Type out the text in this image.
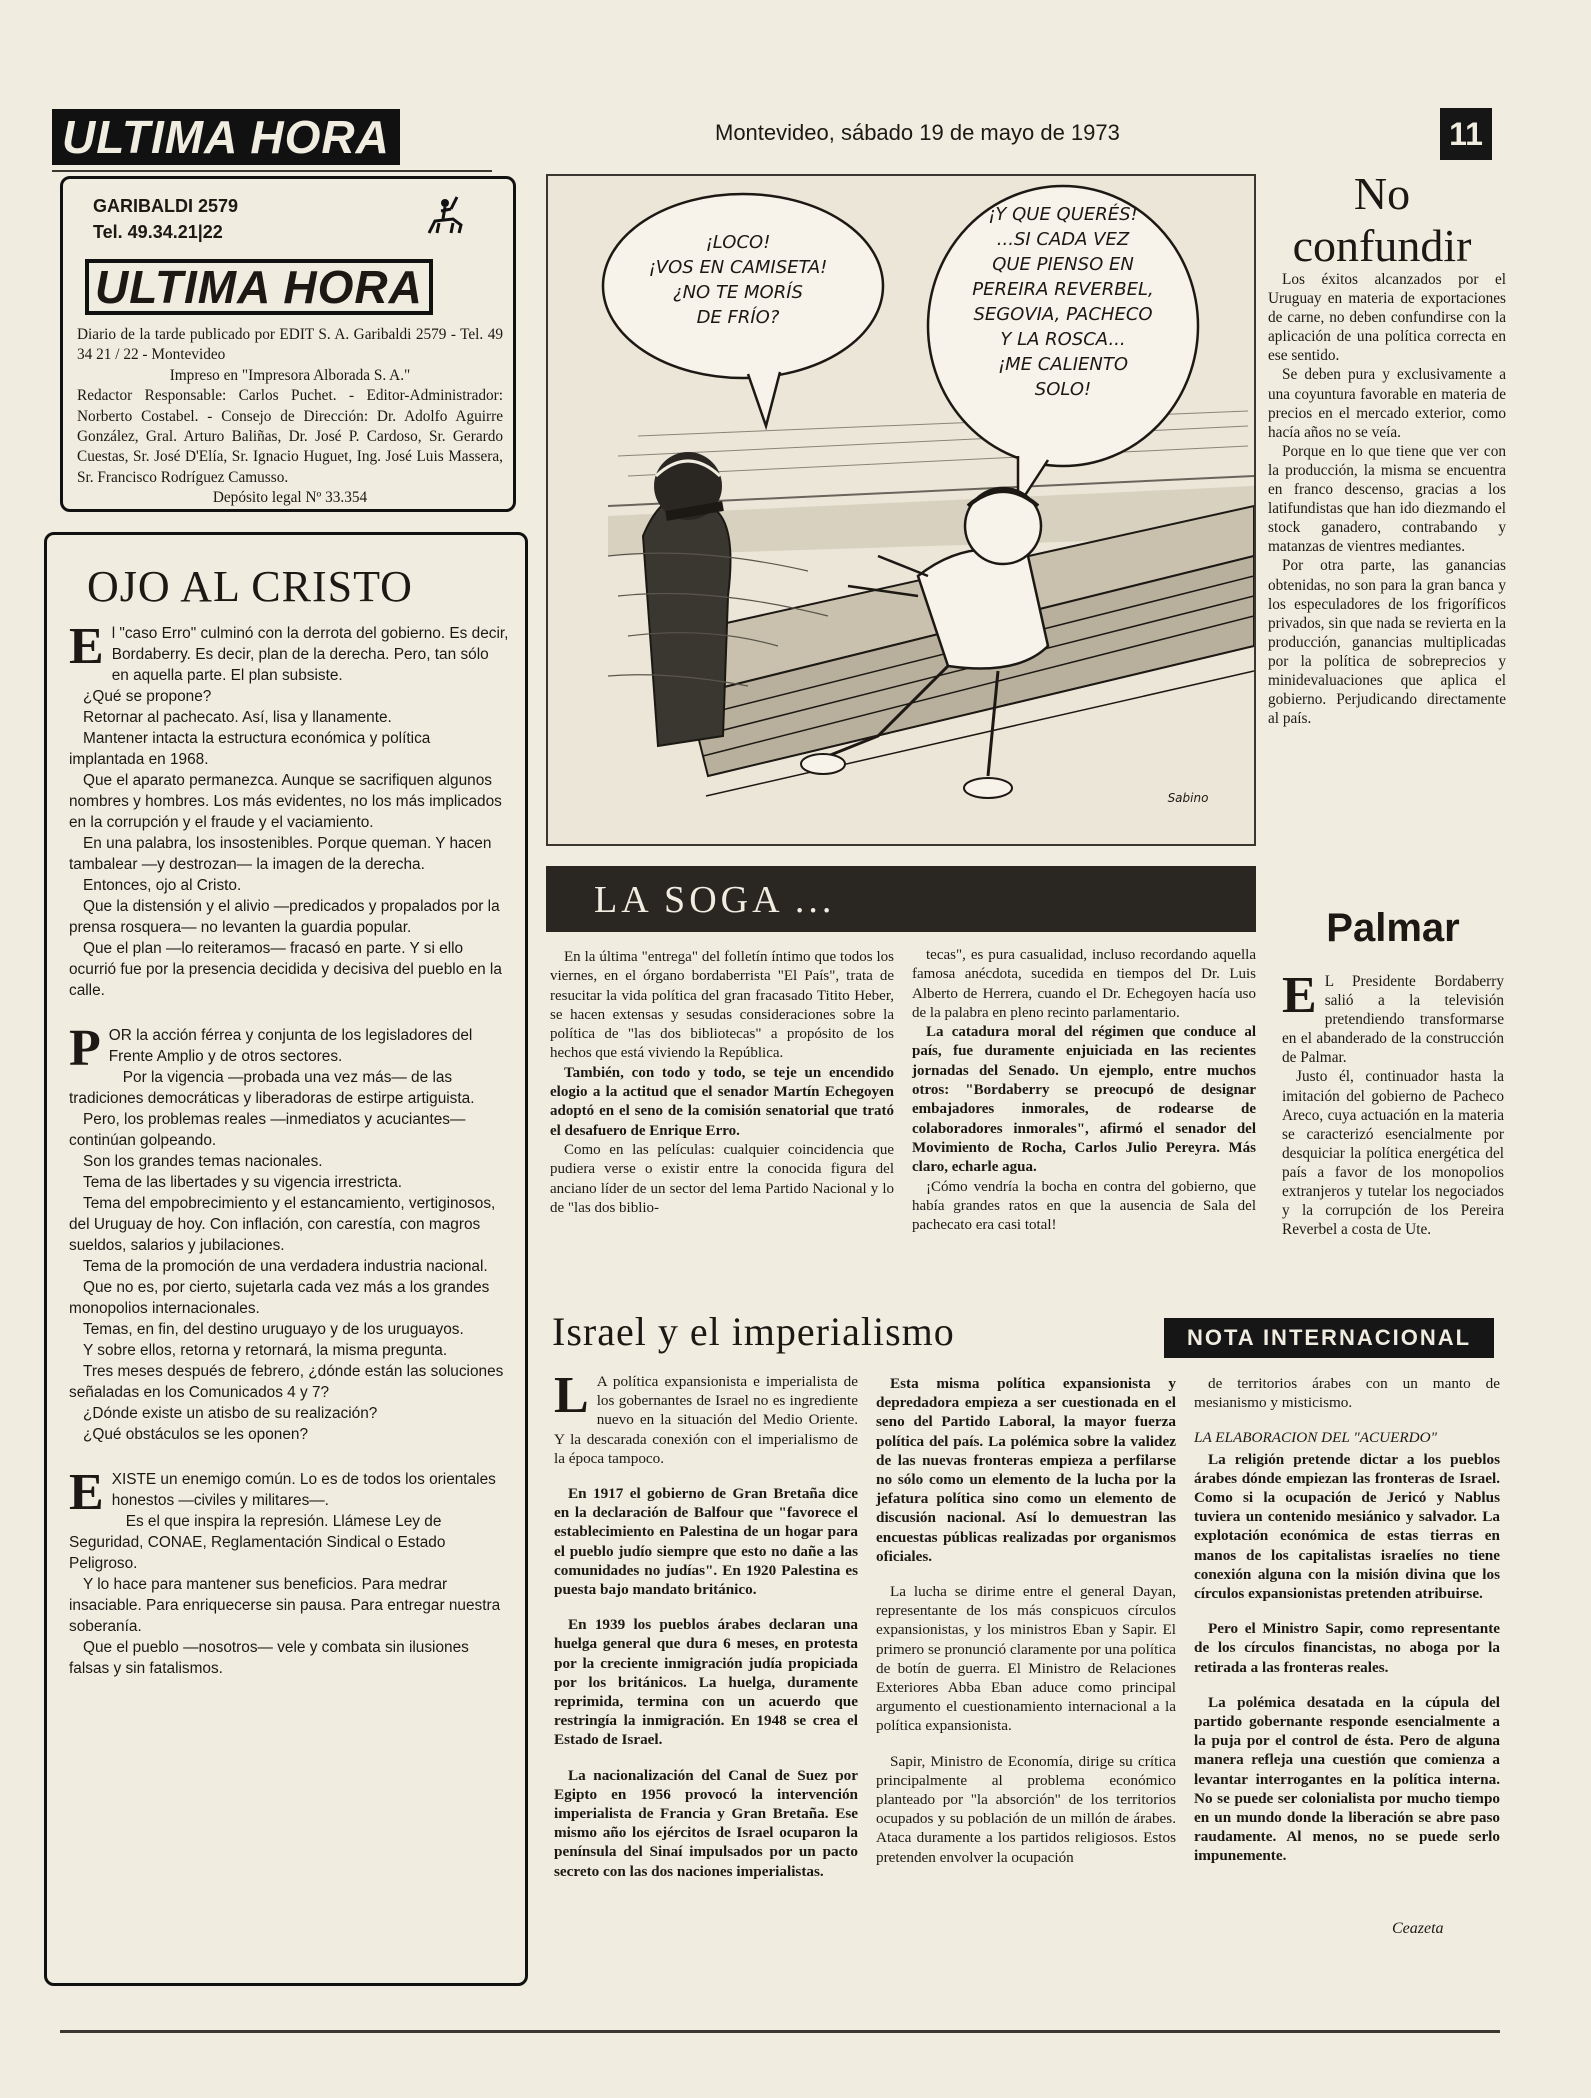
ULTIMA HORA	Montevideo, sábado 19 de mayo de 1973	11
GARIBALDI 2579
Tel. 49.34.21|22
ULTIMA HORA

Diario de la tarde publicado por EDIT S. A. Garibaldi 2579 - Tel. 49 34 21 / 22 - Montevideo

Impreso en "Impresora Alborada S. A."

Redactor Responsable: Carlos Puchet. - Editor-Administrador: Norberto Costabel. - Consejo de Dirección: Dr. Adolfo Aguirre González, Gral. Arturo Baliñas, Dr. José P. Cardoso, Sr. Gerardo Cuestas, Sr. José D'Elía, Sr. Ignacio Huguet, Ing. José Luis Massera, Sr. Francisco Rodríguez Camusso.

Depósito legal Nº 33.354

OJO AL CRISTO

El "caso Erro" culminó con la derrota del gobierno. Es decir, Bordaberry. Es decir, plan de la derecha. Pero, tan sólo en aquella parte. El plan subsiste.

¿Qué se propone?

Retornar al pachecato. Así, lisa y llanamente.

Mantener intacta la estructura económica y política implantada en 1968.

Que el aparato permanezca. Aunque se sacrifiquen algunos nombres y hombres. Los más evidentes, no los más implicados en la corrupción y el fraude y el vaciamiento.

En una palabra, los insostenibles. Porque queman. Y hacen tambalear —y destrozan— la imagen de la derecha.

Entonces, ojo al Cristo.

Que la distensión y el alivio —predicados y propalados por la prensa rosquera— no levanten la guardia popular.

Que el plan —lo reiteramos— fracasó en parte. Y si ello ocurrió fue por la presencia decidida y decisiva del pueblo en la calle.

POR la acción férrea y conjunta de los legisladores del Frente Amplio y de otros sectores.

Por la vigencia —probada una vez más— de las tradiciones democráticas y liberadoras de estirpe artiguista.

Pero, los problemas reales —inmediatos y acuciantes— continúan golpeando.

Son los grandes temas nacionales.

Tema de las libertades y su vigencia irrestricta.

Tema del empobrecimiento y el estancamiento, vertiginosos, del Uruguay de hoy. Con inflación, con carestía, con magros sueldos, salarios y jubilaciones.

Tema de la promoción de una verdadera industria nacional.

Que no es, por cierto, sujetarla cada vez más a los grandes monopolios internacionales.

Temas, en fin, del destino uruguayo y de los uruguayos.

Y sobre ellos, retorna y retornará, la misma pregunta.

Tres meses después de febrero, ¿dónde están las soluciones señaladas en los Comunicados 4 y 7?

¿Dónde existe un atisbo de su realización?

¿Qué obstáculos se les oponen?

EXISTE un enemigo común. Lo es de todos los orientales honestos —civiles y militares—.

Es el que inspira la represión. Llámese Ley de Seguridad, CONAE, Reglamentación Sindical o Estado Peligroso.

Y lo hace para mantener sus beneficios. Para medrar insaciable. Para enriquecerse sin pausa. Para entregar nuestra soberanía.

Que el pueblo —nosotros— vele y combata sin ilusiones falsas y sin fatalismos.

¡LOCO!
¡VOS EN CAMISETA!
¿NO TE MORÍS
DE FRÍO?
¡Y QUE QUERÉS!
...SI CADA VEZ
QUE PIENSO EN
PEREIRA REVERBEL,
SEGOVIA, PACHECO
Y LA ROSCA...
¡ME CALIENTO
SOLO!
Sabino
LA SOGA ...

En la última "entrega" del folletín íntimo que todos los viernes, en el órgano bordaberrista "El País", trata de resucitar la vida política del gran fracasado Titito Heber, se hacen extensas y sesudas consideraciones sobre la política de "las dos bibliotecas" a propósito de los hechos que está viviendo la República.

También, con todo y todo, se teje un encendido elogio a la actitud que el senador Martín Echegoyen adoptó en el seno de la comisión senatorial que trató el desafuero de Enrique Erro.

Como en las películas: cualquier coincidencia que pudiera verse o existir entre la conocida figura del anciano líder de un sector del lema Partido Nacional y lo de "las dos biblio-

tecas", es pura casualidad, incluso recordando aquella famosa anécdota, sucedida en tiempos del Dr. Luis Alberto de Herrera, cuando el Dr. Echegoyen hacía uso de la palabra en pleno recinto parlamentario.

La catadura moral del régimen que conduce al país, fue duramente enjuiciada en las recientes jornadas del Senado. Un ejemplo, entre muchos otros: "Bordaberry se preocupó de designar embajadores inmorales, de rodearse de colaboradores inmorales", afirmó el senador del Movimiento de Rocha, Carlos Julio Pereyra. Más claro, echarle agua.

¡Cómo vendría la bocha en contra del gobierno, que había grandes ratos en que la ausencia de Sala del pachecato era casi total!

No
confundir

Los éxitos alcanzados por el Uruguay en materia de exportaciones de carne, no deben confundirse con la aplicación de una política correcta en ese sentido.

Se deben pura y exclusivamente a una coyuntura favorable en materia de precios en el mercado exterior, como hacía años no se veía.

Porque en lo que tiene que ver con la producción, la misma se encuentra en franco descenso, gracias a los latifundistas que han ido diezmando el stock ganadero, contrabando y matanzas de vientres mediantes.

Por otra parte, las ganancias obtenidas, no son para la gran banca y los especuladores de los frigoríficos privados, sin que nada se revierta en la producción, ganancias multiplicadas por la política de sobreprecios y minidevaluaciones que aplica el gobierno. Perjudicando directamente al país.

Palmar

E L Presidente Bordaberry salió a la televisión pretendiendo transformarse en el abanderado de la construcción de Palmar.

Justo él, continuador hasta la imitación del gobierno de Pacheco Areco, cuya actuación en la materia se caracterizó esencialmente por desquiciar la política energética del país a favor de los monopolios extranjeros y tutelar los negociados y la corrupción de los Pereira Reverbel a costa de Ute.

Israel y el imperialismo	NOTA INTERNACIONAL

L A política expansionista e imperialista de los gobernantes de Israel no es ingrediente nuevo en la situación del Medio Oriente. Y la descarada conexión con el imperialismo de la época tampoco.

En 1917 el gobierno de Gran Bretaña dice en la declaración de Balfour que "favorece el establecimiento en Palestina de un hogar para el pueblo judío siempre que esto no dañe a las comunidades no judías". En 1920 Palestina es puesta bajo mandato británico.

En 1939 los pueblos árabes declaran una huelga general que dura 6 meses, en protesta por la creciente inmigración judía propiciada por los británicos. La huelga, duramente reprimida, termina con un acuerdo que restringía la inmigración. En 1948 se crea el Estado de Israel.

La nacionalización del Canal de Suez por Egipto en 1956 provocó la intervención imperialista de Francia y Gran Bretaña. Ese mismo año los ejércitos de Israel ocuparon la península del Sinaí impulsados por un pacto secreto con las dos naciones imperialistas.

Esta misma política expansionista y depredadora empieza a ser cuestionada en el seno del Partido Laboral, la mayor fuerza política del país. La polémica sobre la validez de las nuevas fronteras empieza a perfilarse no sólo como un elemento de la lucha por la jefatura política sino como un elemento de discusión nacional. Así lo demuestran las encuestas públicas realizadas por organismos oficiales.

La lucha se dirime entre el general Dayan, representante de los más conspicuos círculos expansionistas, y los ministros Eban y Sapir. El primero se pronunció claramente por una política de botín de guerra. El Ministro de Relaciones Exteriores Abba Eban aduce como principal argumento el cuestionamiento internacional a la política expansionista.

Sapir, Ministro de Economía, dirige su crítica principalmente al problema económico planteado por "la absorción" de los territorios ocupados y su población de un millón de árabes. Ataca duramente a los partidos religiosos. Estos pretenden envolver la ocupación

de territorios árabes con un manto de mesianismo y misticismo.

LA ELABORACION DEL "ACUERDO"

La religión pretende dictar a los pueblos árabes dónde empiezan las fronteras de Israel. Como si la ocupación de Jericó y Nablus tuviera un contenido mesiánico y salvador. La explotación económica de estas tierras en manos de los capitalistas israelíes no tiene conexión alguna con la misión divina que los círculos expansionistas pretenden atribuirse.

Pero el Ministro Sapir, como representante de los círculos financistas, no aboga por la retirada a las fronteras reales.

La polémica desatada en la cúpula del partido gobernante responde esencialmente a la puja por el control de ésta. Pero de alguna manera refleja una cuestión que comienza a levantar interrogantes en la política interna. No se puede ser colonialista por mucho tiempo en un mundo donde la liberación se abre paso raudamente. Al menos, no se puede serlo impunemente.

Ceazeta
